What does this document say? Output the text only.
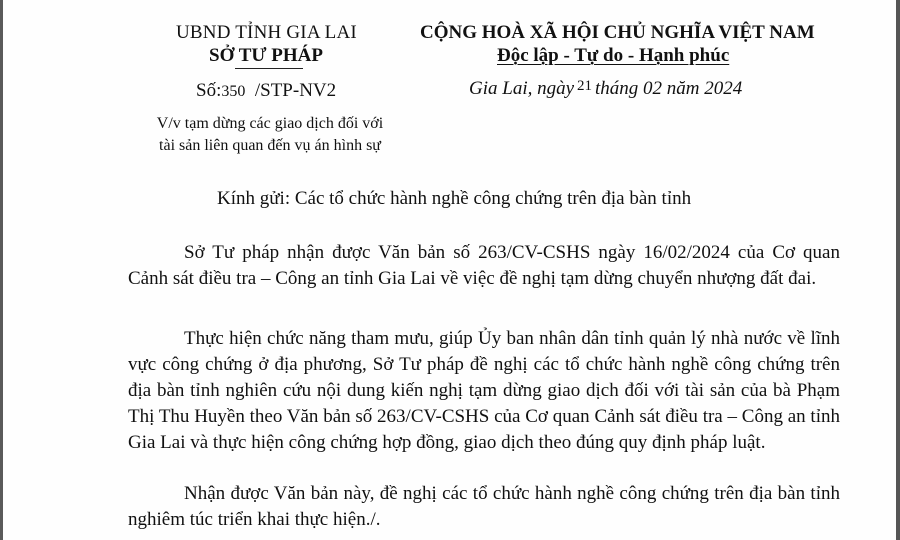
UBND TỈNH GIA LAI
SỞ TƯ PHÁP
Số:350 /STP-NV2
V/v tạm dừng các giao dịch đối với
tài sản liên quan đến vụ án hình sự
CỘNG HOÀ XÃ HỘI CHỦ NGHĨA VIỆT NAM
Độc lập - Tự do - Hạnh phúc
Gia Lai, ngày $^{21}$ tháng 02 năm 2024
Kính gửi: Các tổ chức hành nghề công chứng trên địa bàn tỉnh

Sở Tư pháp nhận được Văn bản số 263/CV-CSHS ngày 16/02/2024 của Cơ quan Cảnh sát điều tra – Công an tỉnh Gia Lai về việc đề nghị tạm dừng chuyển nhượng đất đai.

Thực hiện chức năng tham mưu, giúp Ủy ban nhân dân tỉnh quản lý nhà nước về lĩnh vực công chứng ở địa phương, Sở Tư pháp đề nghị các tổ chức hành nghề công chứng trên địa bàn tỉnh nghiên cứu nội dung kiến nghị tạm dừng giao dịch đối với tài sản của bà Phạm Thị Thu Huyền theo Văn bản số 263/CV-CSHS của Cơ quan Cảnh sát điều tra – Công an tỉnh Gia Lai và thực hiện công chứng hợp đồng, giao dịch theo đúng quy định pháp luật.

Nhận được Văn bản này, đề nghị các tổ chức hành nghề công chứng trên địa bàn tỉnh nghiêm túc triển khai thực hiện./.
